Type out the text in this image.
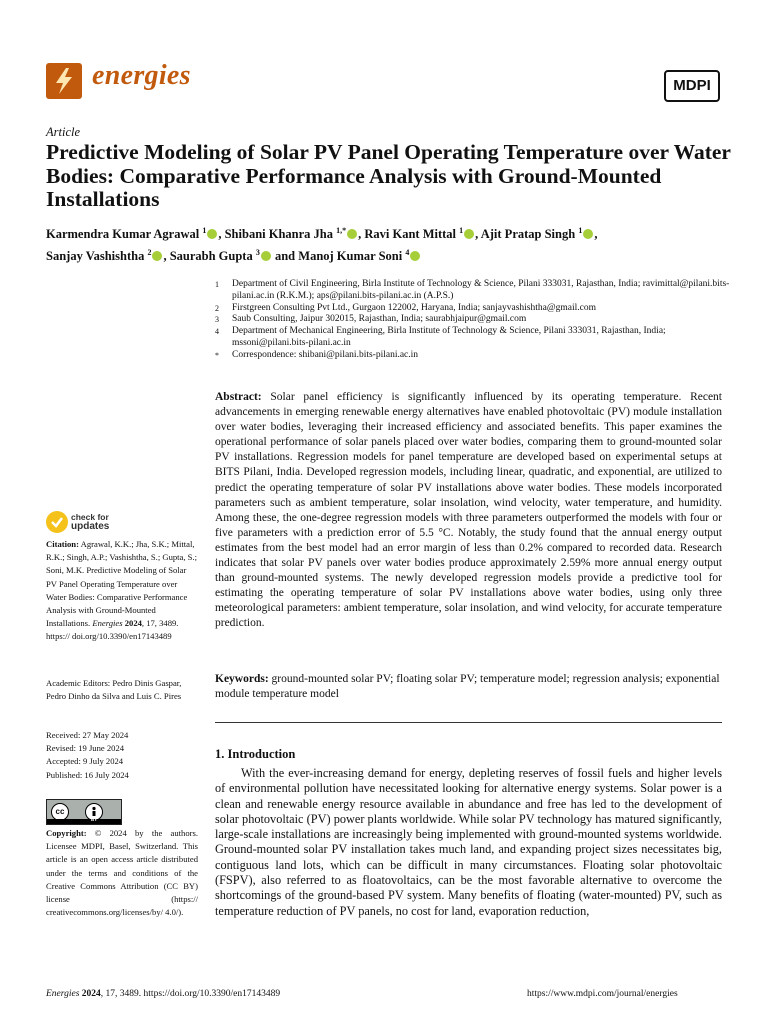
energies	MDPI
Article
Predictive Modeling of Solar PV Panel Operating Temperature over Water Bodies: Comparative Performance Analysis with Ground-Mounted Installations
Karmendra Kumar Agrawal $^1$ , Shibani Khanra Jha $^{1,*}$ , Ravi Kant Mittal $^1$ , Ajit Pratap Singh $^1$ ,
Sanjay Vashishtha $^2$ , Saurabh Gupta $^3$ and Manoj Kumar Soni $^4$
1	Department of Civil Engineering, Birla Institute of Technology & Science, Pilani 333031, Rajasthan, India; ravimittal@pilani.bits-pilani.ac.in (R.K.M.); aps@pilani.bits-pilani.ac.in (A.P.S.)
2	Firstgreen Consulting Pvt Ltd., Gurgaon 122002, Haryana, India; sanjayvashishtha@gmail.com
3	Saub Consulting, Jaipur 302015, Rajasthan, India; saurabhjaipur@gmail.com
4	Department of Mechanical Engineering, Birla Institute of Technology & Science, Pilani 333031, Rajasthan, India; mssoni@pilani.bits-pilani.ac.in
*	Correspondence: shibani@pilani.bits-pilani.ac.in
Abstract: Solar panel efficiency is significantly influenced by its operating temperature. Recent advancements in emerging renewable energy alternatives have enabled photovoltaic (PV) module installation over water bodies, leveraging their increased efficiency and associated benefits. This paper examines the operational performance of solar panels placed over water bodies, comparing them to ground-mounted solar PV installations. Regression models for panel temperature are developed based on experimental setups at BITS Pilani, India. Developed regression models, including linear, quadratic, and exponential, are utilized to predict the operating temperature of solar PV installations above water bodies. These models incorporated parameters such as ambient temperature, solar insolation, wind velocity, water temperature, and humidity. Among these, the one-degree regression models with three parameters outperformed the models with four or five parameters with a prediction error of 5.5 °C. Notably, the study found that the annual energy output estimates from the best model had an error margin of less than 0.2% compared to recorded data. Research indicates that solar PV panels over water bodies produce approximately 2.59% more annual energy output than ground-mounted systems. The newly developed regression models provide a predictive tool for estimating the operating temperature of solar PV installations above water bodies, using only three meteorological parameters: ambient temperature, solar insolation, and wind velocity, for accurate temperature prediction.
Keywords: ground-mounted solar PV; floating solar PV; temperature model; regression analysis; exponential module temperature model
1. Introduction
With the ever-increasing demand for energy, depleting reserves of fossil fuels and higher levels of environmental pollution have necessitated looking for alternative energy systems. Solar power is a clean and renewable energy resource available in abundance and free has led to the development of solar photovoltaic (PV) power plants worldwide. While solar PV technology has matured significantly, large-scale installations are increasingly being implemented with ground-mounted systems worldwide. Ground-mounted solar PV installation takes much land, and expanding project sizes necessitates big, contiguous land lots, which can be difficult in many circumstances. Floating solar photovoltaic (FSPV), also referred to as floatovoltaics, can be the most favorable alternative to overcome the shortcomings of the ground-based PV system. Many benefits of floating (water-mounted) PV, such as temperature reduction of PV panels, no cost for land, evaporation reduction,
check for
updates
Citation: Agrawal, K.K.; Jha, S.K.; Mittal, R.K.; Singh, A.P.; Vashishtha, S.; Gupta, S.; Soni, M.K. Predictive Modeling of Solar PV Panel Operating Temperature over Water Bodies: Comparative Performance Analysis with Ground-Mounted Installations. Energies 2024, 17, 3489. https:// doi.org/10.3390/en17143489
Academic Editors: Pedro Dinis Gaspar, Pedro Dinho da Silva and Luis C. Pires
Received: 27 May 2024
Revised: 19 June 2024
Accepted: 9 July 2024
Published: 16 July 2024
cc
BY
Copyright: © 2024 by the authors. Licensee MDPI, Basel, Switzerland. This article is an open access article distributed under the terms and conditions of the Creative Commons Attribution (CC BY) license (https:// creativecommons.org/licenses/by/ 4.0/).
Energies 2024, 17, 3489. https://doi.org/10.3390/en17143489	https://www.mdpi.com/journal/energies
